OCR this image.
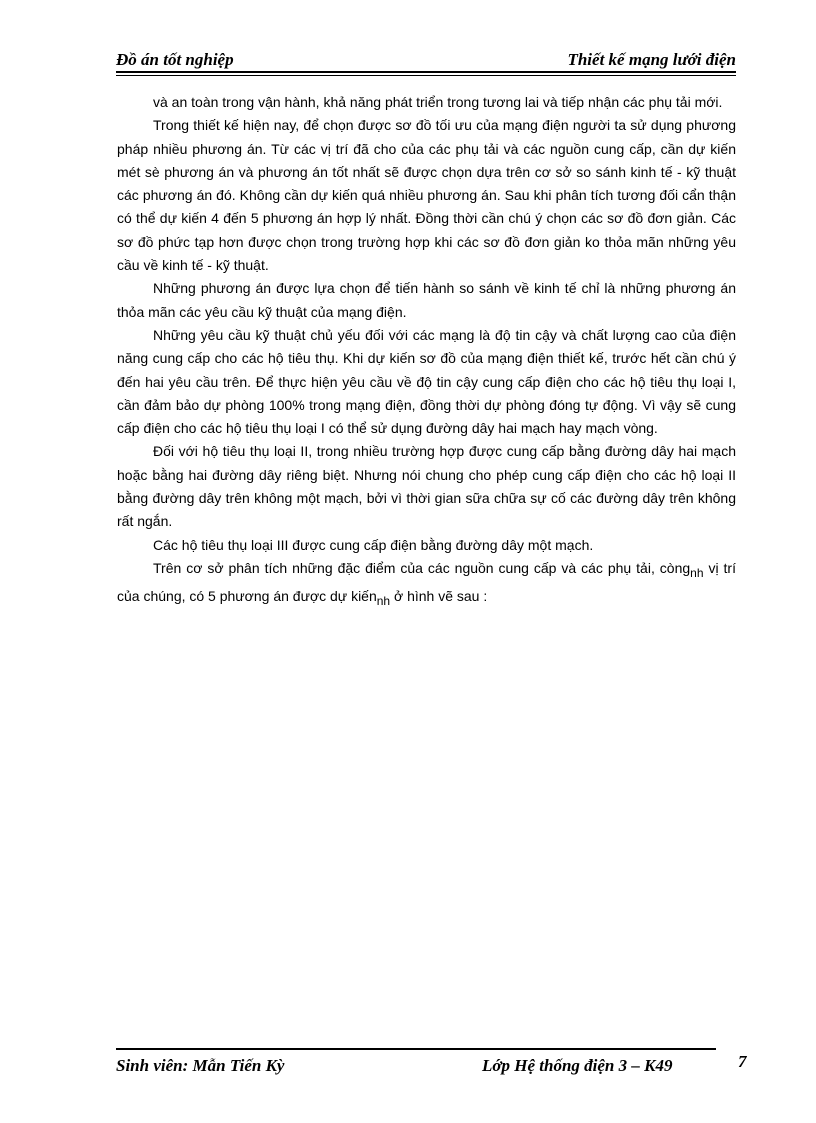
Đồ án tốt nghiệp	Thiết kế mạng lưới điện

và an toàn trong vận hành, khả năng phát triển trong tương lai và tiếp nhận các phụ tải mới.

Trong thiết kế hiện nay, để chọn được sơ đồ tối ưu của mạng điện người ta sử dụng phương pháp nhiều phương án. Từ các vị trí đã cho của các phụ tải và các nguồn cung cấp, cần dự kiến mét sè phương án và phương án tốt nhất sẽ được chọn dựa trên cơ sở so sánh kinh tế - kỹ thuật các phương án đó. Không cần dự kiến quá nhiều phương án. Sau khi phân tích tương đối cẩn thận có thể dự kiến 4 đến 5 phương án hợp lý nhất. Đồng thời cần chú ý chọn các sơ đồ đơn giản. Các sơ đồ phức tạp hơn được chọn trong trường hợp khi các sơ đồ đơn giản ko thỏa mãn những yêu cầu về kinh tế - kỹ thuật.

Những phương án được lựa chọn để tiến hành so sánh về kinh tế chỉ là những phương án thỏa mãn các yêu cầu kỹ thuật của mạng điện.

Những yêu cầu kỹ thuật chủ yếu đối với các mạng là độ tin cậy và chất lượng cao của điện năng cung cấp cho các hộ tiêu thụ. Khi dự kiến sơ đồ của mạng điện thiết kế, trước hết cần chú ý đến hai yêu cầu trên. Để thực hiện yêu cầu về độ tin cậy cung cấp điện cho các hộ tiêu thụ loại I, cần đảm bảo dự phòng 100% trong mạng điện, đồng thời dự phòng đóng tự động. Vì vậy sẽ cung cấp điện cho các hộ tiêu thụ loại I có thể sử dụng đường dây hai mạch hay mạch vòng.

Đối với hộ tiêu thụ loại II, trong nhiều trường hợp được cung cấp bằng đường dây hai mạch hoặc bằng hai đường dây riêng biệt. Nhưng nói chung cho phép cung cấp điện cho các hộ loại II bằng đường dây trên không một mạch, bởi vì thời gian sữa chữa sự cố các đường dây trên không rất ngắn.

Các hộ tiêu thụ loại III được cung cấp điện bằng đường dây một mạch.

Trên cơ sở phân tích những đặc điểm của các nguồn cung cấp và các phụ tải, còng$_{nh}$ vị trí của chúng, có 5 phương án được dự kiến$_{nh}$ ở hình vẽ sau :

Sinh viên: Mẫn Tiến Kỳ	Lớp Hệ thống điện 3 – K49	7
